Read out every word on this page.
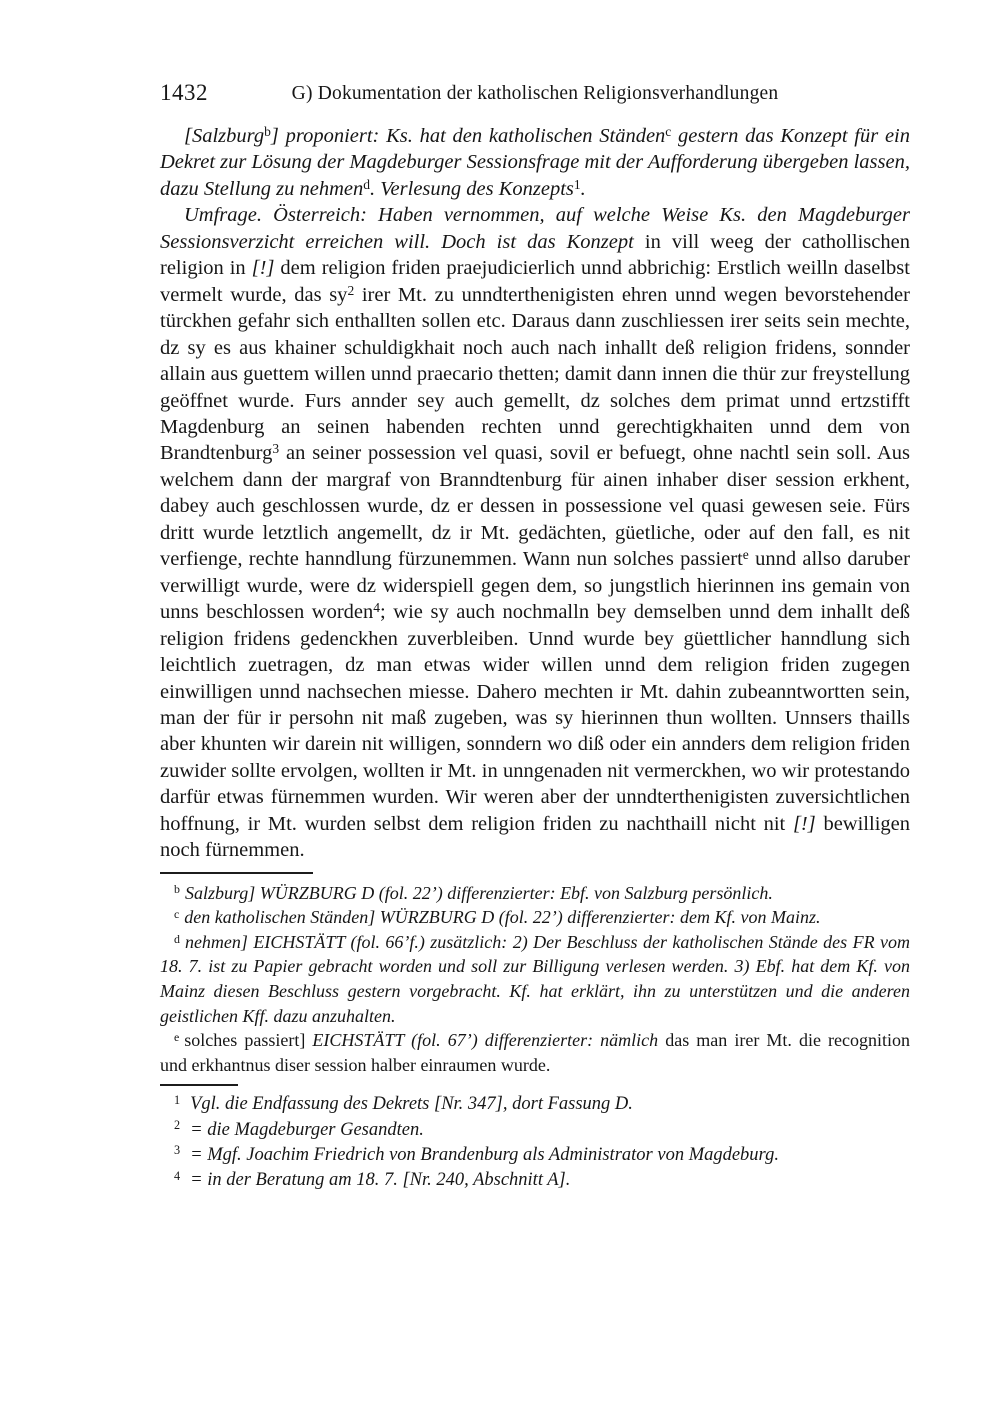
1432	G) Dokumentation der katholischen Religionsverhandlungen

[Salzburg$^b$] proponiert: Ks. hat den katholischen Ständen$^c$ gestern das Konzept für ein Dekret zur Lösung der Magdeburger Sessionsfrage mit der Aufforderung übergeben lassen, dazu Stellung zu nehmen$^d$. Verlesung des Konzepts$^1$.

Umfrage. Österreich: Haben vernommen, auf welche Weise Ks. den Magdeburger Sessionsverzicht erreichen will. Doch ist das Konzept in vill weeg der cathollischen religion in [!] dem religion friden praejudicierlich unnd abbrichig: Erstlich weilln daselbst vermelt wurde, das sy$^2$ irer Mt. zu unndterthenigisten ehren unnd wegen bevorstehender türckhen gefahr sich enthallten sollen etc. Daraus dann zuschliessen irer seits sein mechte, dz sy es aus khainer schuldigkhait noch auch nach inhallt deß religion fridens, sonnder allain aus guettem willen unnd praecario thetten; damit dann innen die thür zur freystellung geöffnet wurde. Furs annder sey auch gemellt, dz solches dem primat unnd ertzstifft Magdenburg an seinen habenden rechten unnd gerechtigkhaiten unnd dem von Brandtenburg$^3$ an seiner possession vel quasi, sovil er befuegt, ohne nachtl sein soll. Aus welchem dann der margraf von Branndtenburg für ainen inhaber diser session erkhent, dabey auch geschlossen wurde, dz er dessen in possessione vel quasi gewesen seie. Fürs dritt wurde letztlich angemellt, dz ir Mt. gedächten, güetliche, oder auf den fall, es nit verfienge, rechte hanndlung fürzunemmen. Wann nun solches passiert$^e$ unnd allso daruber verwilligt wurde, were dz widerspiell gegen dem, so jungstlich hierinnen ins gemain von unns beschlossen worden$^4$; wie sy auch nochmalln bey demselben unnd dem inhallt deß religion fridens gedenckhen zuverbleiben. Unnd wurde bey güettlicher hanndlung sich leichtlich zuetragen, dz man etwas wider willen unnd dem religion friden zugegen einwilligen unnd nachsechen miesse. Dahero mechten ir Mt. dahin zubeanntwortten sein, man der für ir persohn nit maß zugeben, was sy hierinnen thun wollten. Unnsers thaills aber khunten wir darein nit willigen, sonndern wo diß oder ein annders dem religion friden zuwider sollte ervolgen, wollten ir Mt. in unngenaden nit vermerckhen, wo wir protestando darfür etwas fürnemmen wurden. Wir weren aber der unndterthenigisten zuversichtlichen hoffnung, ir Mt. wurden selbst dem religion friden zu nachthaill nicht nit [!] bewilligen noch fürnemmen.

$^b$ Salzburg] WÜRZBURG D (fol. 22’) differenzierter: Ebf. von Salzburg persönlich.

$^c$ den katholischen Ständen] WÜRZBURG D (fol. 22’) differenzierter: dem Kf. von Mainz.

$^d$ nehmen] EICHSTÄTT (fol. 66’f.) zusätzlich: 2) Der Beschluss der katholischen Stände des FR vom 18. 7. ist zu Papier gebracht worden und soll zur Billigung verlesen werden. 3) Ebf. hat dem Kf. von Mainz diesen Beschluss gestern vorgebracht. Kf. hat erklärt, ihn zu unterstützen und die anderen geistlichen Kff. dazu anzuhalten.

$^e$ solches passiert] EICHSTÄTT (fol. 67’) differenzierter: nämlich das man irer Mt. die recognition und erkhantnus diser session halber einraumen wurde.

$^1$ Vgl. die Endfassung des Dekrets [Nr. 347], dort Fassung D.

$^2$ = die Magdeburger Gesandten.

$^3$ = Mgf. Joachim Friedrich von Brandenburg als Administrator von Magdeburg.

$^4$ = in der Beratung am 18. 7. [Nr. 240, Abschnitt A].
